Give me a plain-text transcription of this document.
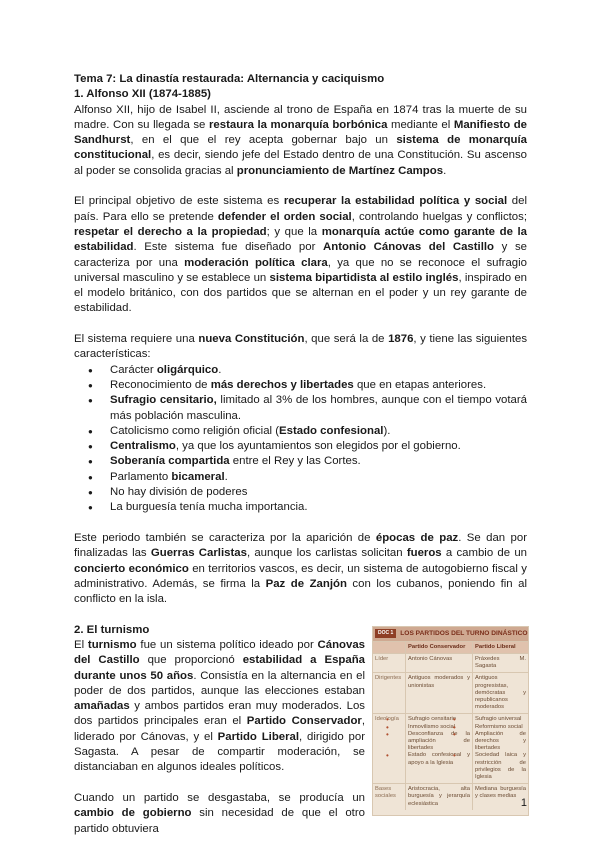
Tema 7: La dinastía restaurada: Alternancia y caciquismo
1. Alfonso XII (1874-1885)

Alfonso XII, hijo de Isabel II, asciende al trono de España en 1874 tras la muerte de su madre. Con su llegada se restaura la monarquía borbónica mediante el Manifiesto de Sandhurst, en el que el rey acepta gobernar bajo un sistema de monarquía constitucional, es decir, siendo jefe del Estado dentro de una Constitución. Su ascenso al poder se consolida gracias al pronunciamiento de Martínez Campos.

El principal objetivo de este sistema es recuperar la estabilidad política y social del país. Para ello se pretende defender el orden social, controlando huelgas y conflictos; respetar el derecho a la propiedad; y que la monarquía actúe como garante de la estabilidad. Este sistema fue diseñado por Antonio Cánovas del Castillo y se caracteriza por una moderación política clara, ya que no se reconoce el sufragio universal masculino y se establece un sistema bipartidista al estilo inglés, inspirado en el modelo británico, con dos partidos que se alternan en el poder y un rey garante de estabilidad.

El sistema requiere una nueva Constitución, que será la de 1876, y tiene las siguientes características:

● Carácter oligárquico.
● Reconocimiento de más derechos y libertades que en etapas anteriores.
● Sufragio censitario, limitado al 3% de los hombres, aunque con el tiempo votará más población masculina.
● Catolicismo como religión oficial (Estado confesional).
● Centralismo, ya que los ayuntamientos son elegidos por el gobierno.
● Soberanía compartida entre el Rey y las Cortes.
● Parlamento bicameral.
● No hay división de poderes
● La burguesía tenía mucha importancia.

Este periodo también se caracteriza por la aparición de épocas de paz. Se dan por finalizadas las Guerras Carlistas, aunque los carlistas solicitan fueros a cambio de un concierto económico en territorios vascos, es decir, un sistema de autogobierno fiscal y administrativo. Además, se firma la Paz de Zanjón con los cubanos, poniendo fin al conflicto en la isla.

2. El turnismo

El turnismo fue un sistema político ideado por Cánovas del Castillo que proporcionó estabilidad a España durante unos 50 años. Consistía en la alternancia en el poder de dos partidos, aunque las elecciones estaban amañadas y ambos partidos eran muy moderados. Los dos partidos principales eran el Partido Conservador, liderado por Cánovas, y el Partido Liberal, dirigido por Sagasta. A pesar de compartir moderación, se distanciaban en algunos ideales políticos.

Cuando un partido se desgastaba, se producía un cambio de gobierno sin necesidad de que el otro partido obtuviera

DOC 1	LOS PARTIDOS DEL TURNO DINÁSTICO
Partido Conservador	Partido Liberal
Líder	Antonio Cánovas	Práxedes M. Sagasta
Dirigentes	Antiguos moderados y unionistas
Antiguos progresistas, demócratas y republicanos moderados
Ideología
•	Sufragio censitario
• Inmovilismo social
• Desconfianza de la ampliación de libertades
• Estado confesional y apoyo a la Iglesia
• Sufragio universal
• Reformismo social
• Ampliación de derechos y libertades
• Sociedad laica y restricción de privilegios de la Iglesia
Bases sociales
Aristocracia, alta burguesía y jerarquía eclesiástica
Mediana burguesía y clases medias
1
